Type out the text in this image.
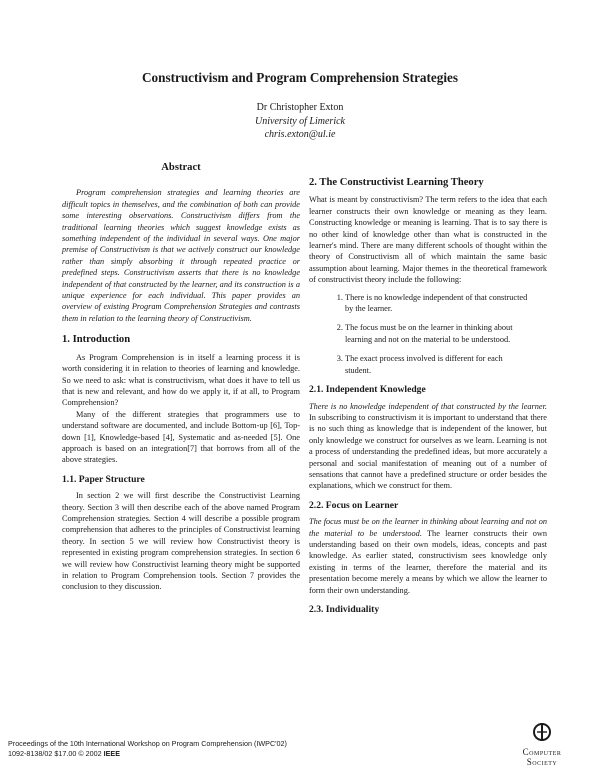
Constructivism and Program Comprehension Strategies
Dr Christopher Exton
University of Limerick
chris.exton@ul.ie
Abstract

Program comprehension strategies and learning theories are difficult topics in themselves, and the combination of both can provide some interesting observations. Constructivism differs from the traditional learning theories which suggest knowledge exists as something independent of the individual in several ways. One major premise of Constructivism is that we actively construct our knowledge rather than simply absorbing it through repeated practice or predefined steps. Constructivism asserts that there is no knowledge independent of that constructed by the learner, and its construction is a unique experience for each individual. This paper provides an overview of existing Program Comprehension Strategies and contrasts them in relation to the learning theory of Constructivism.

1. Introduction

As Program Comprehension is in itself a learning process it is worth considering it in relation to theories of learning and knowledge. So we need to ask: what is constructivism, what does it have to tell us that is new and relevant, and how do we apply it, if at all, to Program Comprehension?

Many of the different strategies that programmers use to understand software are documented, and include Bottom-up [6], Top-down [1], Knowledge-based [4], Systematic and as-needed [5]. One approach is based on an integration[7] that borrows from all of the above strategies.

1.1. Paper Structure

In section 2 we will first describe the Constructivist Learning theory. Section 3 will then describe each of the above named Program Comprehension strategies. Section 4 will describe a possible program comprehension that adheres to the principles of Constructivist learning theory. In section 5 we will review how Constructivist theory is represented in existing program comprehension strategies. In section 6 we will review how Constructivist learning theory might be supported in relation to Program Comprehension tools. Section 7 provides the conclusion to they discussion.

2. The Constructivist Learning Theory

What is meant by constructivism? The term refers to the idea that each learner constructs their own knowledge or meaning as they learn. Constructing knowledge or meaning is learning. That is to say there is no other kind of knowledge other than what is constructed in the learner's mind. There are many different schools of thought within the theory of Constructivism all of which maintain the same basic assumption about learning. Major themes in the theoretical framework of constructivist theory include the following:

1. There is no knowledge independent of that constructed by the learner.
2. The focus must be on the learner in thinking about learning and not on the material to be understood.
3. The exact process involved is different for each student.
2.1. Independent Knowledge

There is no knowledge independent of that constructed by the learner. In subscribing to constructivism it is important to understand that there is no such thing as knowledge that is independent of the knower, but only knowledge we construct for ourselves as we learn. Learning is not a process of understanding the predefined ideas, but more accurately a personal and social manifestation of meaning out of a number of sensations that cannot have a predefined structure or order besides the explanations, which we construct for them.

2.2. Focus on Learner

The focus must be on the learner in thinking about learning and not on the material to be understood. The learner constructs their own understanding based on their own models, ideas, concepts and past knowledge. As earlier stated, constructivism sees knowledge only existing in terms of the learner, therefore the material and its presentation become merely a means by which we allow the learner to form their own understanding.

2.3. Individuality
Proceedings of the 10th International Workshop on Program Comprehension (IWPC'02)
1092-8138/02 $17.00 © 2002 IEEE	Computer
Society
